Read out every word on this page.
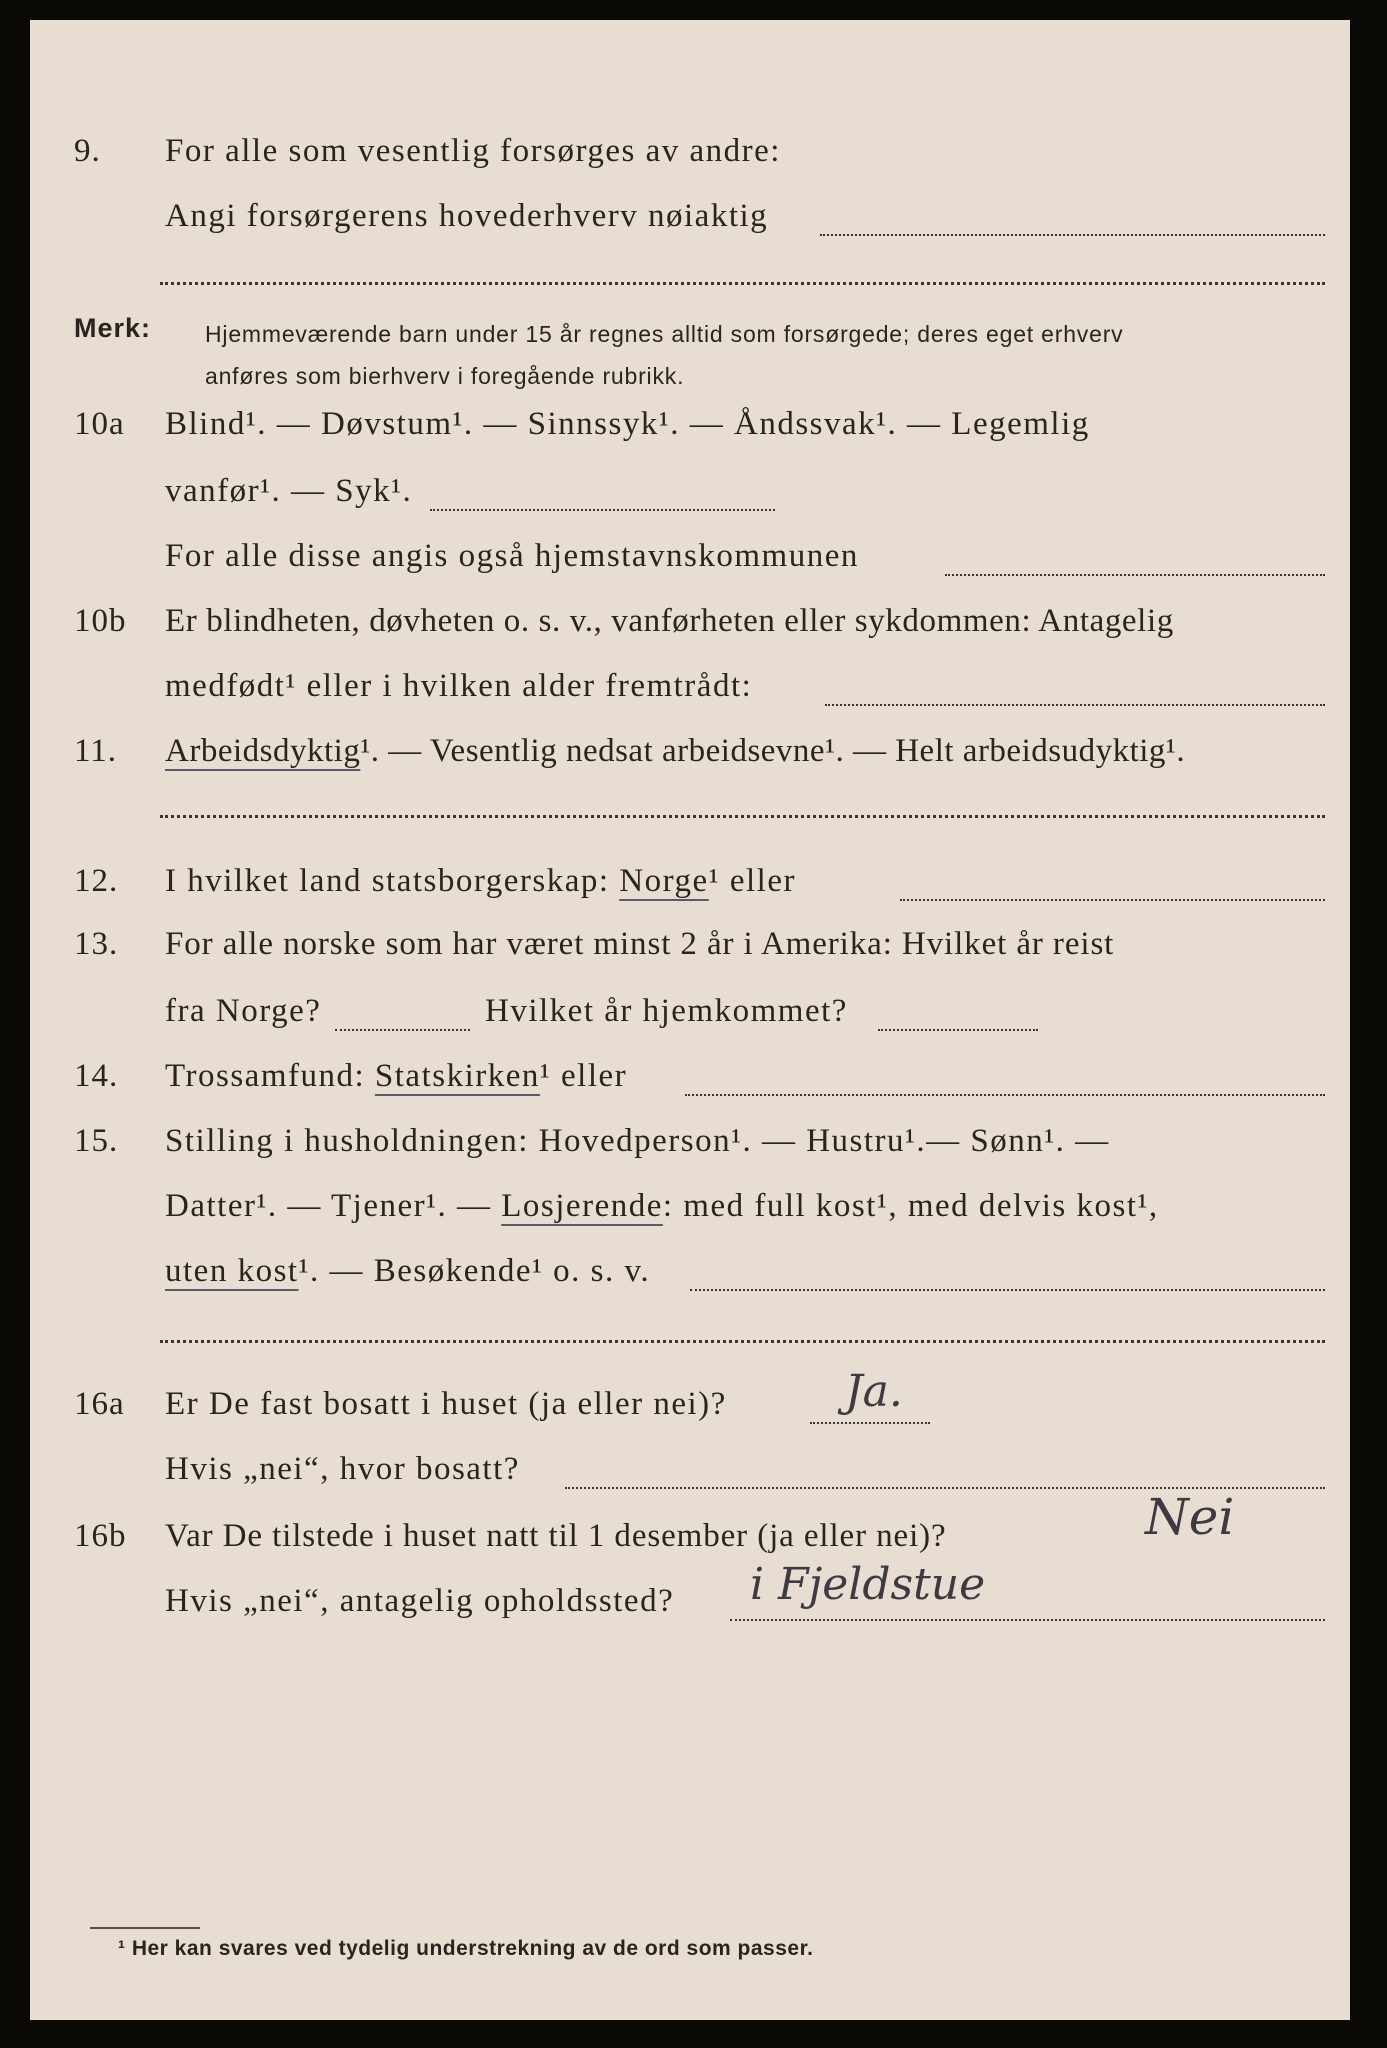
9. For alle som vesentlig forsørges av andre:
Angi forsørgerens hovederhverv nøiaktig
Merk: Hjemmeværende barn under 15 år regnes alltid som forsørgede; deres eget erhverv
anføres som bierhverv i foregående rubrikk.
10a Blind¹. — Døvstum¹. — Sinnssyk¹. — Åndssvak¹. — Legemlig
vanfør¹. — Syk¹.
For alle disse angis også hjemstavnskommunen
10b Er blindheten, døvheten o. s. v., vanførheten eller sykdommen: Antagelig
medfødt¹ eller i hvilken alder fremtrådt:
11. Arbeidsdyktig¹. — Vesentlig nedsat arbeidsevne¹. — Helt arbeidsudyktig¹.
12. I hvilket land statsborgerskap: Norge¹ eller
13. For alle norske som har været minst 2 år i Amerika: Hvilket år reist
fra Norge?	Hvilket år hjemkommet?
14. Trossamfund: Statskirken¹ eller
15. Stilling i husholdningen: Hovedperson¹. — Hustru¹.— Sønn¹. —
Datter¹. — Tjener¹. — Losjerende: med full kost¹, med delvis kost¹,
uten kost¹. — Besøkende¹ o. s. v.
16a Er De fast bosatt i huset (ja eller nei)?	Ja.
Hvis „nei“, hvor bosatt?
16b Var De tilstede i huset natt til 1 desember (ja eller nei)?	Nei
Hvis „nei“, antagelig opholdssted? i Fjeldstue
¹ Her kan svares ved tydelig understrekning av de ord som passer.
